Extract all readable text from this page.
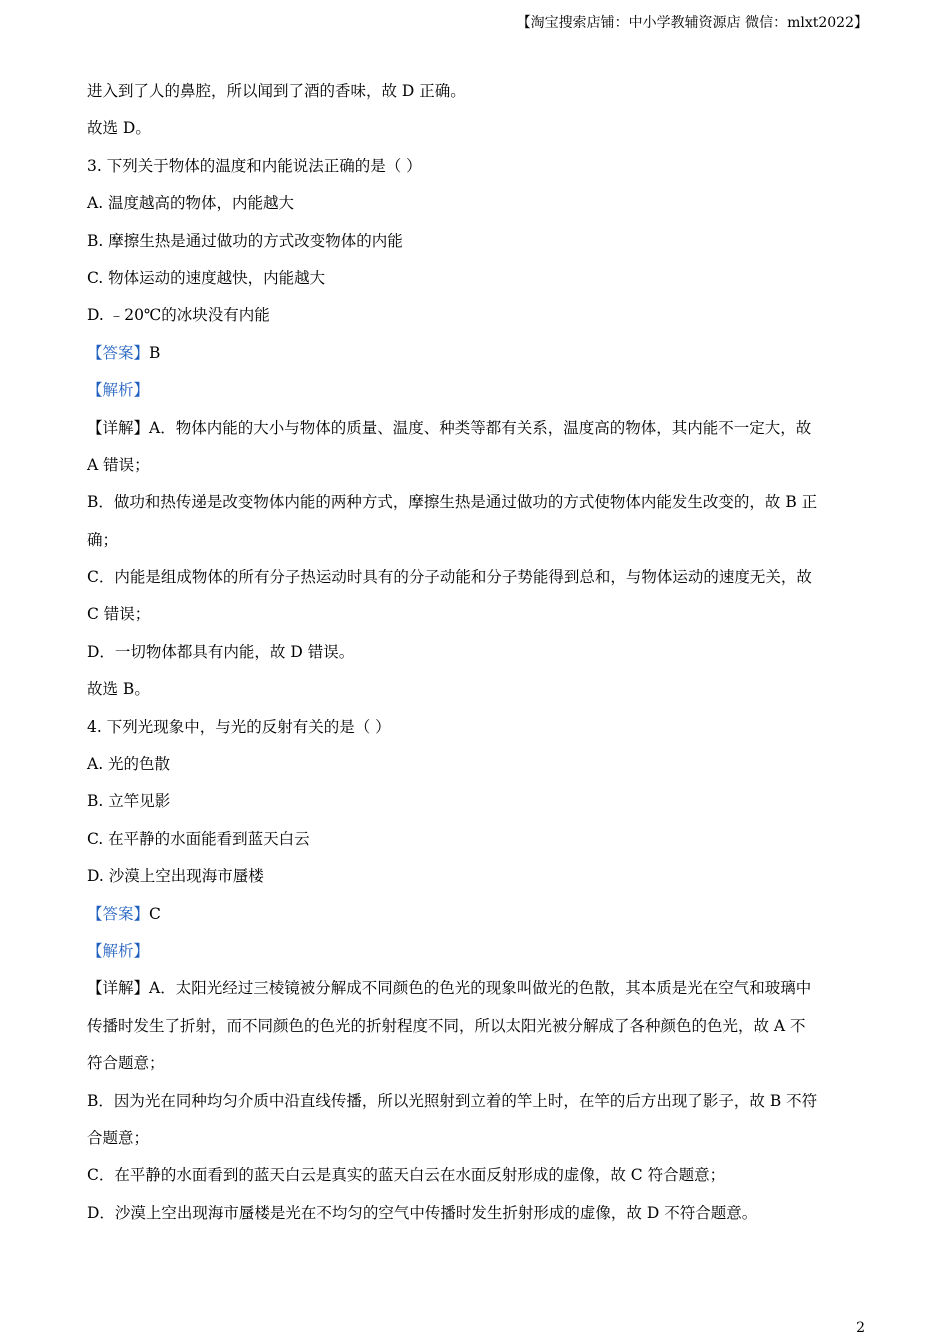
【淘宝搜索店铺：中小学教辅资源店 微信：mlxt2022】
进入到了人的鼻腔，所以闻到了酒的香味，故 D 正确。
故选 D。
3. 下列关于物体的温度和内能说法正确的是（ ）
A. 温度越高的物体，内能越大
B. 摩擦生热是通过做功的方式改变物体的内能
C. 物体运动的速度越快，内能越大
D. ﹣20℃的冰块没有内能
【答案】B
【解析】
【详解】A．物体内能的大小与物体的质量、温度、种类等都有关系，温度高的物体，其内能不一定大，故
A 错误；
B．做功和热传递是改变物体内能的两种方式，摩擦生热是通过做功的方式使物体内能发生改变的，故 B 正
确；
C．内能是组成物体的所有分子热运动时具有的分子动能和分子势能得到总和，与物体运动的速度无关，故
C 错误；
D．一切物体都具有内能，故 D 错误。
故选 B。
4. 下列光现象中，与光的反射有关的是（ ）
A. 光的色散
B. 立竿见影
C. 在平静的水面能看到蓝天白云
D. 沙漠上空出现海市蜃楼
【答案】C
【解析】
【详解】A．太阳光经过三棱镜被分解成不同颜色的色光的现象叫做光的色散，其本质是光在空气和玻璃中
传播时发生了折射，而不同颜色的色光的折射程度不同，所以太阳光被分解成了各种颜色的色光，故 A 不
符合题意；
B．因为光在同种均匀介质中沿直线传播，所以光照射到立着的竿上时，在竿的后方出现了影子，故 B 不符
合题意；
C．在平静的水面看到的蓝天白云是真实的蓝天白云在水面反射形成的虚像，故 C 符合题意；
D．沙漠上空出现海市蜃楼是光在不均匀的空气中传播时发生折射形成的虚像，故 D 不符合题意。
2
